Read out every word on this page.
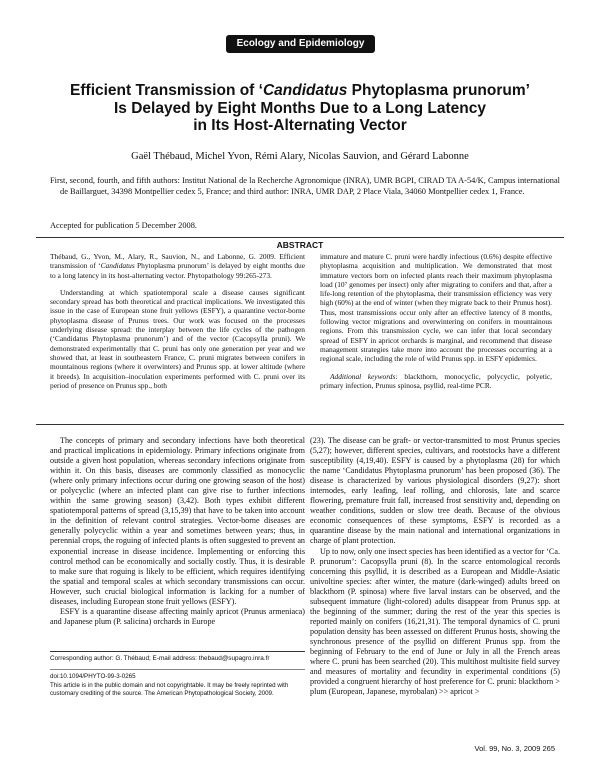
Ecology and Epidemiology
Efficient Transmission of ‘Candidatus Phytoplasma prunorum’
Is Delayed by Eight Months Due to a Long Latency
in Its Host-Alternating Vector
Gaël Thébaud, Michel Yvon, Rémi Alary, Nicolas Sauvion, and Gérard Labonne
First, second, fourth, and fifth authors: Institut National de la Recherche Agronomique (INRA), UMR BGPI, CIRAD TA A-54/K, Campus international de Baillarguet, 34398 Montpellier cedex 5, France; and third author: INRA, UMR DAP, 2 Place Viala, 34060 Montpellier cedex 1, France.
Accepted for publication 5 December 2008.
ABSTRACT

Thébaud, G., Yvon, M., Alary, R., Sauvion, N., and Labonne, G. 2009. Efficient transmission of ‘Candidatus Phytoplasma prunorum’ is delayed by eight months due to a long latency in its host-alternating vector. Phytopathology 99:265-273.

Understanding at which spatiotemporal scale a disease causes significant secondary spread has both theoretical and practical implications. We investigated this issue in the case of European stone fruit yellows (ESFY), a quarantine vector-borne phytoplasma disease of Prunus trees. Our work was focused on the processes underlying disease spread: the interplay between the life cycles of the pathogen (‘Candidatus Phytoplasma prunorum’) and of the vector (Cacopsylla pruni). We demonstrated experimentally that C. pruni has only one generation per year and we showed that, at least in southeastern France, C. pruni migrates between conifers in mountainous regions (where it overwinters) and Prunus spp. at lower altitude (where it breeds). In acquisition–inoculation experiments performed with C. pruni over its period of presence on Prunus spp., both

immature and mature C. pruni were hardly infectious (0.6%) despite effective phytoplasma acquisition and multiplication. We demonstrated that most immature vectors born on infected plants reach their maximum phytoplasma load (10⁷ genomes per insect) only after migrating to conifers and that, after a life-long retention of the phytoplasma, their transmission efficiency was very high (60%) at the end of winter (when they migrate back to their Prunus host). Thus, most transmissions occur only after an effective latency of 8 months, following vector migrations and overwintering on conifers in mountainous regions. From this transmission cycle, we can infer that local secondary spread of ESFY in apricot orchards is marginal, and recommend that disease management strategies take more into account the processes occurring at a regional scale, including the role of wild Prunus spp. in ESFY epidemics.

Additional keywords: blackthorn, monocyclic, polycyclic, polyetic, primary infection, Prunus spinosa, psyllid, real-time PCR.

The concepts of primary and secondary infections have both theoretical and practical implications in epidemiology. Primary infections originate from outside a given host population, whereas secondary infections originate from within it. On this basis, diseases are commonly classified as monocyclic (where only primary infections occur during one growing season of the host) or polycyclic (where an infected plant can give rise to further infections within the same growing season) (3,42). Both types exhibit different spatiotemporal patterns of spread (3,15,39) that have to be taken into account in the definition of relevant control strategies. Vector-borne diseases are generally polycyclic within a year and sometimes between years; thus, in perennial crops, the roguing of infected plants is often suggested to prevent an exponential increase in disease incidence. Implementing or enforcing this control method can be economically and socially costly. Thus, it is desirable to make sure that roguing is likely to be efficient, which requires identifying the spatial and temporal scales at which secondary transmissions can occur. However, such crucial biological information is lacking for a number of diseases, including European stone fruit yellows (ESFY).

ESFY is a quarantine disease affecting mainly apricot (Prunus armeniaca) and Japanese plum (P. salicina) orchards in Europe

Corresponding author: G. Thébaud; E-mail address: thebaud@supagro.inra.fr
doi:10.1094/PHYTO-99-3-0265
This article is in the public domain and not copyrightable. It may be freely reprinted with customary crediting of the source. The American Phytopathological Society, 2009.

(23). The disease can be graft- or vector-transmitted to most Prunus species (5,27); however, different species, cultivars, and rootstocks have a different susceptibility (4,19,40). ESFY is caused by a phytoplasma (28) for which the name ‘Candidatus Phytoplasma prunorum’ has been proposed (36). The disease is characterized by various physiological disorders (9,27): short internodes, early leafing, leaf rolling, and chlorosis, late and scarce flowering, premature fruit fall, increased frost sensitivity and, depending on weather conditions, sudden or slow tree death. Because of the obvious economic consequences of these symptoms, ESFY is recorded as a quarantine disease by the main national and international organizations in charge of plant protection.

Up to now, only one insect species has been identified as a vector for ‘Ca. P. prunorum’: Cacopsylla pruni (8). In the scarce entomological records concerning this psyllid, it is described as a European and Middle-Asiatic univoltine species: after winter, the mature (dark-winged) adults breed on blackthorn (P. spinosa) where five larval instars can be observed, and the subsequent immature (light-colored) adults disappear from Prunus spp. at the beginning of the summer; during the rest of the year this species is reported mainly on conifers (16,21,31). The temporal dynamics of C. pruni population density has been assessed on different Prunus hosts, showing the synchronous presence of the psyllid on different Prunus spp. from the beginning of February to the end of June or July in all the French areas where C. pruni has been searched (20). This multihost multisite field survey and measures of mortality and fecundity in experimental conditions (5) provided a congruent hierarchy of host preference for C. pruni: blackthorn > plum (European, Japanese, myrobalan) >> apricot >

Vol. 99, No. 3, 2009 265
